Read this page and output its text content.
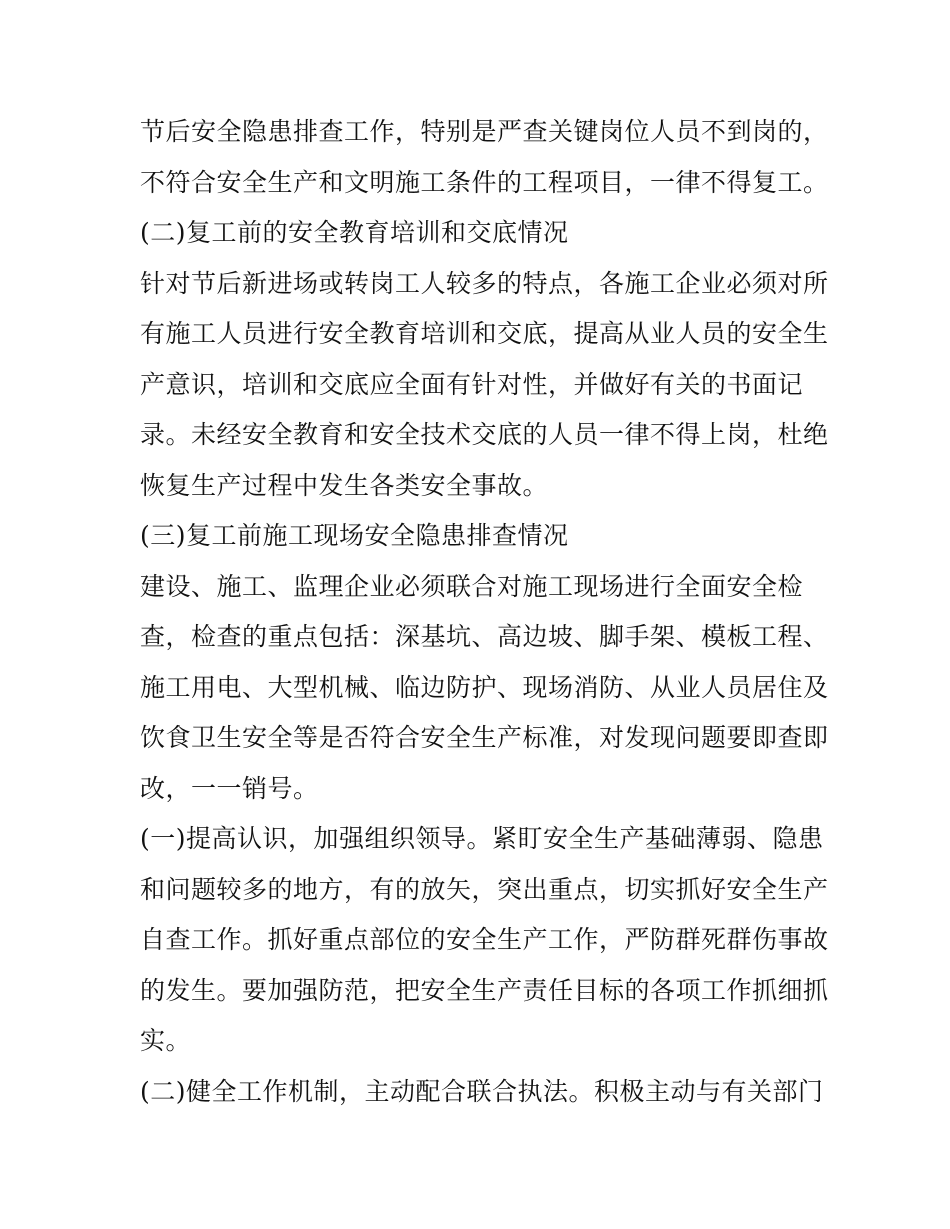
节后安全隐患排查工作，特别是严查关键岗位人员不到岗的，

不符合安全生产和文明施工条件的工程项目，一律不得复工。

(二)复工前的安全教育培训和交底情况

针对节后新进场或转岗工人较多的特点，各施工企业必须对所

有施工人员进行安全教育培训和交底，提高从业人员的安全生

产意识，培训和交底应全面有针对性，并做好有关的书面记

录。未经安全教育和安全技术交底的人员一律不得上岗，杜绝

恢复生产过程中发生各类安全事故。

(三)复工前施工现场安全隐患排查情况

建设、施工、监理企业必须联合对施工现场进行全面安全检

查，检查的重点包括：深基坑、高边坡、脚手架、模板工程、

施工用电、大型机械、临边防护、现场消防、从业人员居住及

饮食卫生安全等是否符合安全生产标准，对发现问题要即查即

改，一一销号。

(一)提高认识，加强组织领导。紧盯安全生产基础薄弱、隐患

和问题较多的地方，有的放矢，突出重点，切实抓好安全生产

自查工作。抓好重点部位的安全生产工作，严防群死群伤事故

的发生。要加强防范，把安全生产责任目标的各项工作抓细抓

实。

(二)健全工作机制，主动配合联合执法。积极主动与有关部门
